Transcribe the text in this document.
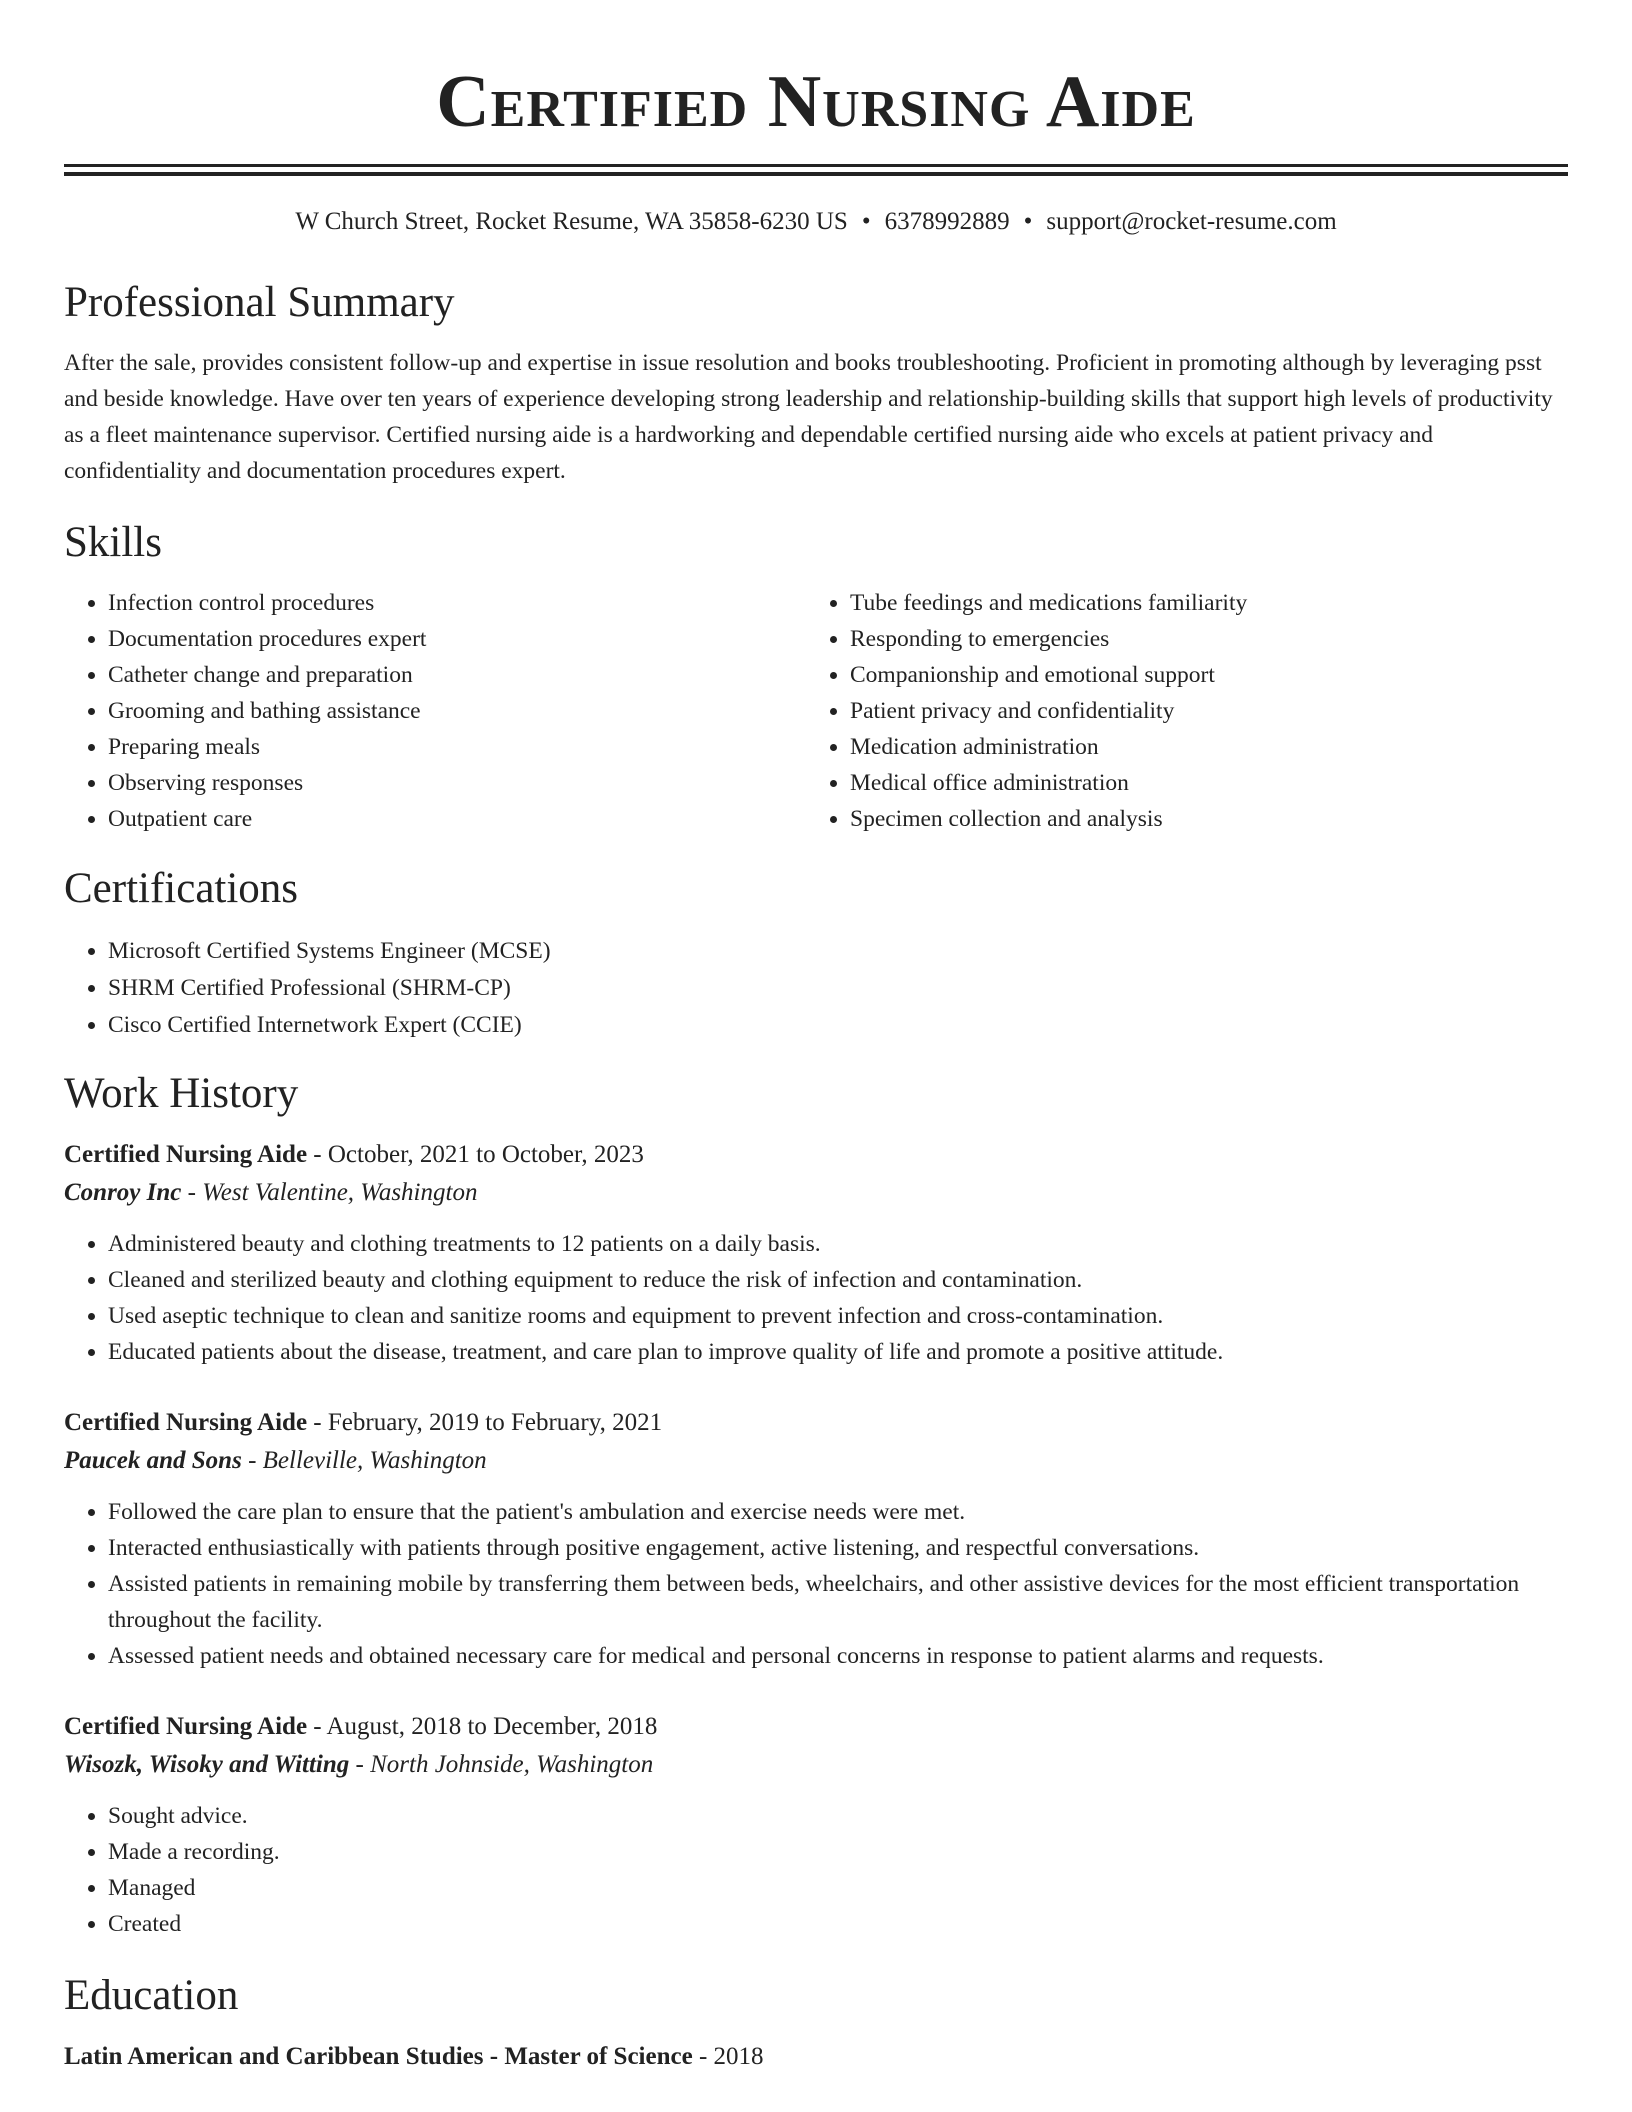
Certified Nursing Aide
W Church Street, Rocket Resume, WA 35858-6230 US • 6378992889 • support@rocket-resume.com
Professional Summary

After the sale, provides consistent follow-up and expertise in issue resolution and books troubleshooting. Proficient in promoting although by leveraging psst and beside knowledge. Have over ten years of experience developing strong leadership and relationship-building skills that support high levels of productivity as a fleet maintenance supervisor. Certified nursing aide is a hardworking and dependable certified nursing aide who excels at patient privacy and confidentiality and documentation procedures expert.

Skills
• Infection control procedures
• Documentation procedures expert
• Catheter change and preparation
• Grooming and bathing assistance
• Preparing meals
• Observing responses
• Outpatient care
• Tube feedings and medications familiarity
• Responding to emergencies
• Companionship and emotional support
• Patient privacy and confidentiality
• Medication administration
• Medical office administration
• Specimen collection and analysis
Certifications
• Microsoft Certified Systems Engineer (MCSE)
• SHRM Certified Professional (SHRM-CP)
• Cisco Certified Internetwork Expert (CCIE)
Work History
Certified Nursing Aide - October, 2021 to October, 2023
Conroy Inc - West Valentine, Washington
• Administered beauty and clothing treatments to 12 patients on a daily basis.
• Cleaned and sterilized beauty and clothing equipment to reduce the risk of infection and contamination.
• Used aseptic technique to clean and sanitize rooms and equipment to prevent infection and cross-contamination.
• Educated patients about the disease, treatment, and care plan to improve quality of life and promote a positive attitude.
Certified Nursing Aide - February, 2019 to February, 2021
Paucek and Sons - Belleville, Washington
• Followed the care plan to ensure that the patient's ambulation and exercise needs were met.
• Interacted enthusiastically with patients through positive engagement, active listening, and respectful conversations.
• Assisted patients in remaining mobile by transferring them between beds, wheelchairs, and other assistive devices for the most efficient transportation throughout the facility.
• Assessed patient needs and obtained necessary care for medical and personal concerns in response to patient alarms and requests.
Certified Nursing Aide - August, 2018 to December, 2018
Wisozk, Wisoky and Witting - North Johnside, Washington
• Sought advice.
• Made a recording.
• Managed
• Created
Education
Latin American and Caribbean Studies - Master of Science - 2018
